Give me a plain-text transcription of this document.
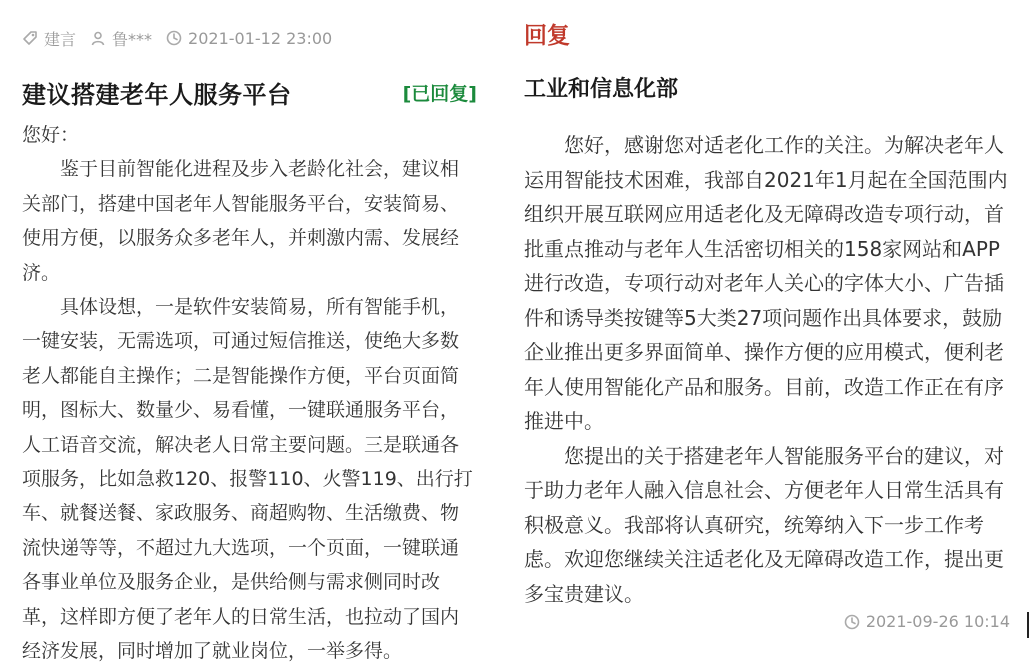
建言 鲁*** 2021-01-12 23:00
建议搭建老年人服务平台	[已回复]

您好：

鉴于目前智能化进程及步入老龄化社会，建议相关部门，搭建中国老年人智能服务平台，安装简易、使用方便，以服务众多老年人，并刺激内需、发展经济。

具体设想，一是软件安装简易，所有智能手机，一键安装，无需选项，可通过短信推送，使绝大多数老人都能自主操作；二是智能操作方便，平台页面简明，图标大、数量少、易看懂，一键联通服务平台，人工语音交流，解决老人日常主要问题。三是联通各项服务，比如急救120、报警110、火警119、出行打车、就餐送餐、家政服务、商超购物、生活缴费、物流快递等等，不超过九大选项，一个页面，一键联通各事业单位及服务企业，是供给侧与需求侧同时改革，这样即方便了老年人的日常生活，也拉动了国内经济发展，同时增加了就业岗位，一举多得。

回复
工业和信息化部

您好，感谢您对适老化工作的关注。为解决老年人运用智能技术困难，我部自2021年1月起在全国范围内组织开展互联网应用适老化及无障碍改造专项行动，首批重点推动与老年人生活密切相关的158家网站和APP进行改造，专项行动对老年人关心的字体大小、广告插件和诱导类按键等5大类27项问题作出具体要求，鼓励企业推出更多界面简单、操作方便的应用模式，便利老年人使用智能化产品和服务。目前，改造工作正在有序推进中。

您提出的关于搭建老年人智能服务平台的建议，对于助力老年人融入信息社会、方便老年人日常生活具有积极意义。我部将认真研究，统筹纳入下一步工作考虑。欢迎您继续关注适老化及无障碍改造工作，提出更多宝贵建议。

2021-09-26 10:14
